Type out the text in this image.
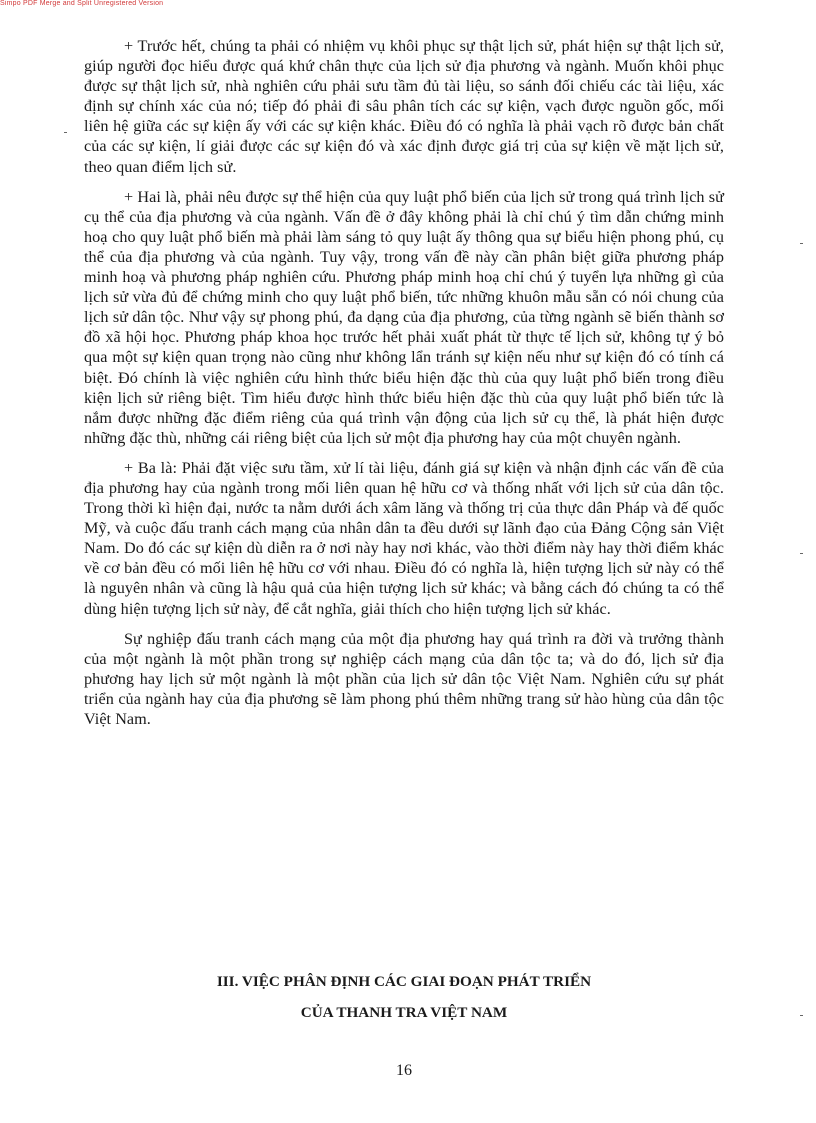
Simpo PDF Merge and Split Unregistered Version

+ Trước hết, chúng ta phải có nhiệm vụ khôi phục sự thật lịch sử, phát hiện sự thật lịch sử, giúp người đọc hiểu được quá khứ chân thực của lịch sử địa phương và ngành. Muốn khôi phục được sự thật lịch sử, nhà nghiên cứu phải sưu tầm đủ tài liệu, so sánh đối chiếu các tài liệu, xác định sự chính xác của nó; tiếp đó phải đi sâu phân tích các sự kiện, vạch được nguồn gốc, mối liên hệ giữa các sự kiện ấy với các sự kiện khác. Điều đó có nghĩa là phải vạch rõ được bản chất của các sự kiện, lí giải được các sự kiện đó và xác định được giá trị của sự kiện về mặt lịch sử, theo quan điểm lịch sử.

+ Hai là, phải nêu được sự thể hiện của quy luật phổ biến của lịch sử trong quá trình lịch sử cụ thể của địa phương và của ngành. Vấn đề ở đây không phải là chỉ chú ý tìm dẫn chứng minh hoạ cho quy luật phổ biến mà phải làm sáng tỏ quy luật ấy thông qua sự biểu hiện phong phú, cụ thể của địa phương và của ngành. Tuy vậy, trong vấn đề này cần phân biệt giữa phương pháp minh hoạ và phương pháp nghiên cứu. Phương pháp minh hoạ chỉ chú ý tuyển lựa những gì của lịch sử vừa đủ để chứng minh cho quy luật phổ biến, tức những khuôn mẫu sẵn có nói chung của lịch sử dân tộc. Như vậy sự phong phú, đa dạng của địa phương, của từng ngành sẽ biến thành sơ đồ xã hội học. Phương pháp khoa học trước hết phải xuất phát từ thực tế lịch sử, không tự ý bỏ qua một sự kiện quan trọng nào cũng như không lẩn tránh sự kiện nếu như sự kiện đó có tính cá biệt. Đó chính là việc nghiên cứu hình thức biểu hiện đặc thù của quy luật phổ biến trong điều kiện lịch sử riêng biệt. Tìm hiểu được hình thức biểu hiện đặc thù của quy luật phổ biến tức là nắm được những đặc điểm riêng của quá trình vận động của lịch sử cụ thể, là phát hiện được những đặc thù, những cái riêng biệt của lịch sử một địa phương hay của một chuyên ngành.

+ Ba là: Phải đặt việc sưu tầm, xử lí tài liệu, đánh giá sự kiện và nhận định các vấn đề của địa phương hay của ngành trong mối liên quan hệ hữu cơ và thống nhất với lịch sử của dân tộc. Trong thời kì hiện đại, nước ta nằm dưới ách xâm lăng và thống trị của thực dân Pháp và đế quốc Mỹ, và cuộc đấu tranh cách mạng của nhân dân ta đều dưới sự lãnh đạo của Đảng Cộng sản Việt Nam. Do đó các sự kiện dù diễn ra ở nơi này hay nơi khác, vào thời điểm này hay thời điểm khác về cơ bản đều có mối liên hệ hữu cơ với nhau. Điều đó có nghĩa là, hiện tượng lịch sử này có thể là nguyên nhân và cũng là hậu quả của hiện tượng lịch sử khác; và bằng cách đó chúng ta có thể dùng hiện tượng lịch sử này, để cắt nghĩa, giải thích cho hiện tượng lịch sử khác.

Sự nghiệp đấu tranh cách mạng của một địa phương hay quá trình ra đời và trưởng thành của một ngành là một phần trong sự nghiệp cách mạng của dân tộc ta; và do đó, lịch sử địa phương hay lịch sử một ngành là một phần của lịch sử dân tộc Việt Nam. Nghiên cứu sự phát triển của ngành hay của địa phương sẽ làm phong phú thêm những trang sử hào hùng của dân tộc Việt Nam.

III. VIỆC PHÂN ĐỊNH CÁC GIAI ĐOẠN PHÁT TRIỂN
CỦA THANH TRA VIỆT NAM
16
